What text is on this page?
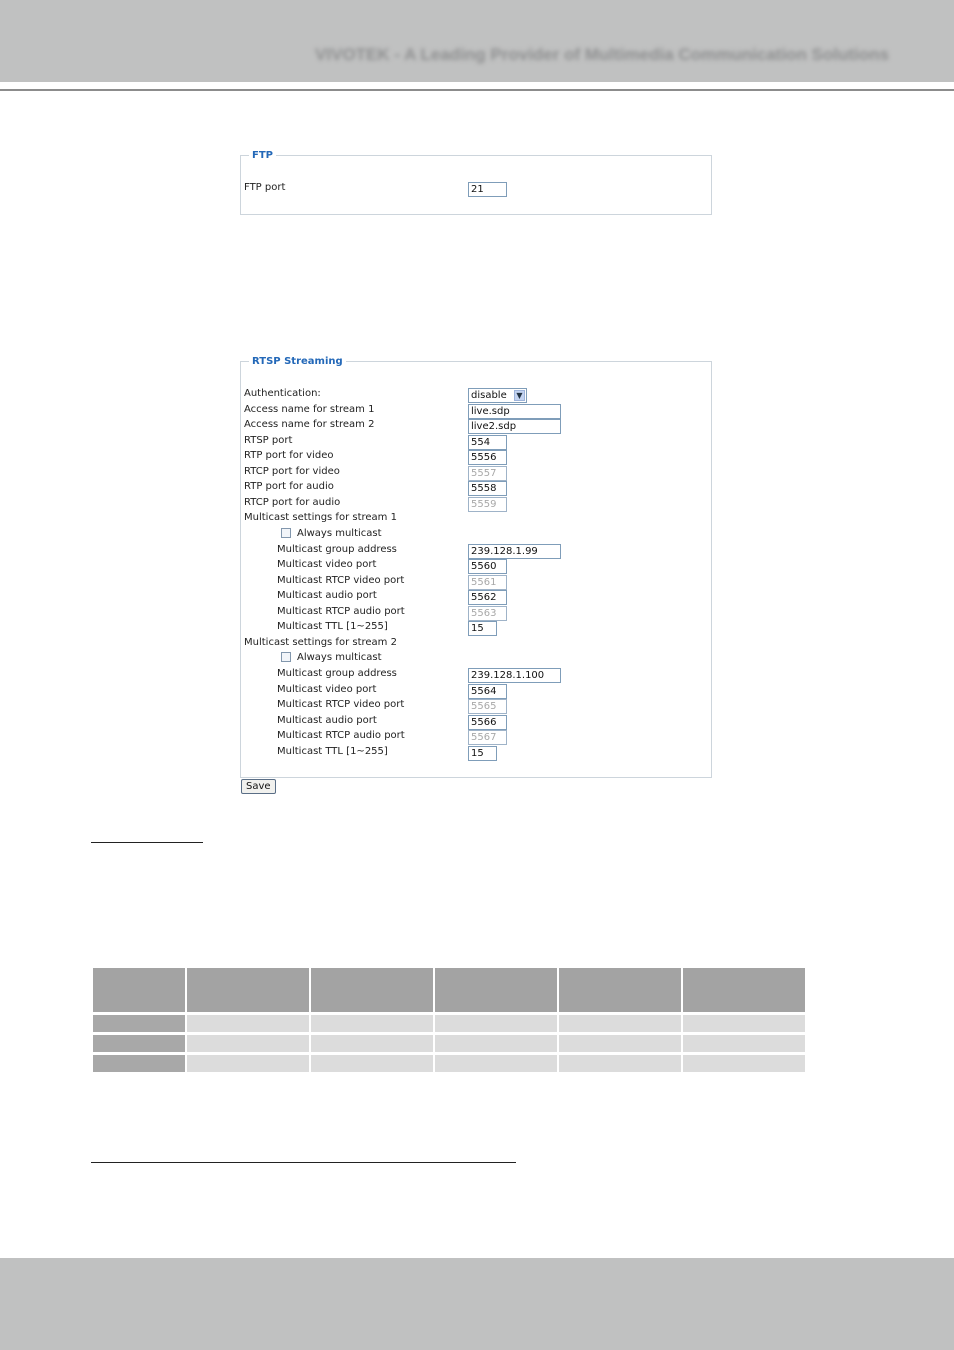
VIVOTEK - A Leading Provider of Multimedia Communication Solutions
FTP
FTP port	21
RTSP Streaming
Authentication:	disable	▼
Access name for stream 1	live.sdp
Access name for stream 2	live2.sdp
RTSP port	554
RTP port for video	5556
RTCP port for video	5557
RTP port for audio	5558
RTCP port for audio	5559
Multicast settings for stream 1
Always multicast
Multicast group address	239.128.1.99
Multicast video port	5560
Multicast RTCP video port	5561
Multicast audio port	5562
Multicast RTCP audio port	5563
Multicast TTL [1~255]	15
Multicast settings for stream 2
Always multicast
Multicast group address	239.128.1.100
Multicast video port	5564
Multicast RTCP video port	5565
Multicast audio port	5566
Multicast RTCP audio port	5567
Multicast TTL [1~255]	15
Save
